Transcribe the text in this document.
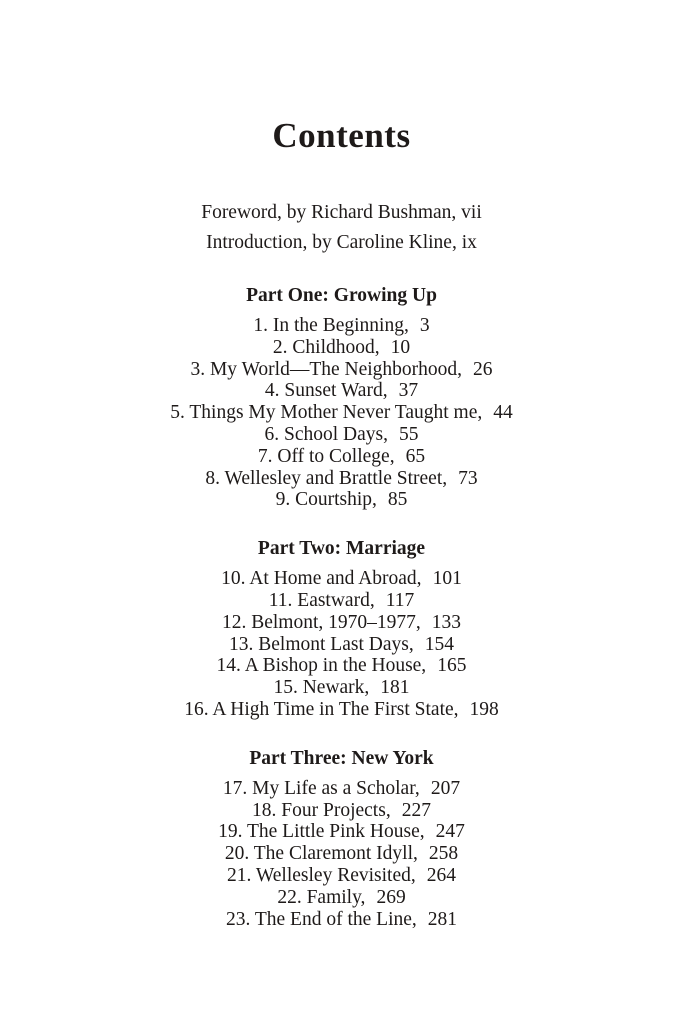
Contents
Foreword, by Richard Bushman, vii
Introduction, by Caroline Kline, ix
Part One: Growing Up
1. In the Beginning, 3
2. Childhood, 10
3. My World—The Neighborhood, 26
4. Sunset Ward, 37
5. Things My Mother Never Taught me, 44
6. School Days, 55
7. Off to College, 65
8. Wellesley and Brattle Street, 73
9. Courtship, 85
Part Two: Marriage
10. At Home and Abroad, 101
11. Eastward, 117
12. Belmont, 1970–1977, 133
13. Belmont Last Days, 154
14. A Bishop in the House, 165
15. Newark, 181
16. A High Time in The First State, 198
Part Three: New York
17. My Life as a Scholar, 207
18. Four Projects, 227
19. The Little Pink House, 247
20. The Claremont Idyll, 258
21. Wellesley Revisited, 264
22. Family, 269
23. The End of the Line, 281
